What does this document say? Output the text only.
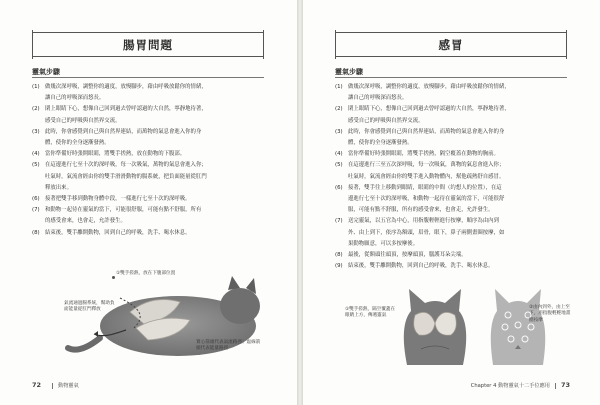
腸胃問題
靈氣步驟
(1) 做幾次深呼吸，調整你的適度，放慢腳步，藉由呼吸放鬆你的情緒，
讓自己的呼吸深而悠長。
(2) 閉上眼睛下心，想像自己回到過去曾呼認過的大自然，寧靜地待著，
感受自己的呼吸與自然界交流。
(3) 此時，你會感覺到自己與自然界連結，而萬物的氣息會進入你的身
體，使你的全身逐漸發熱。
(4) 當你準備好時張開眼睛，將雙手搓熱，放在動物的下腹部。
(5) 在這邊進行七至十次的深呼吸，每一次吸氣，萬物的氣息會進入你；
吐氣時，氣流會經由你的雙手滑滑動物的腸系統，把負面能量從肛門
釋放出來。
(6) 接著把雙手移到動物身體中段，一樣進行七至十次的深呼吸。
(7) 和動物一起待在靈氣的當下，可能很舒服，可能有點不舒服，所有
的感受會來，也會走，允許發生。
(8) 結束後，雙手離開動物，回到自己的呼吸，洗手、喝水休息。
①雙手搓熱，放在下腹部位置
氣流通過腸系統，幫助負面能量從肛門釋放
實心箭頭代表氣流路徑；虛線箭頭代表能量路徑
72	動物靈氣
感冒
靈氣步驟
(1) 做幾次深呼吸，調整你的適度，放慢腳步，藉由呼吸放鬆你的情緒，
讓自己的呼吸深而悠長。
(2) 閉上眼睛下心，想像自己回到過去曾呼認過的大自然，寧靜地待著，
感受自己的呼吸與自然界交流。
(3) 此時，你會感覺到自己與自然界連結，而萬物的氣息會進入你的身
體，使你的全身逐漸發熱。
(4) 當你準備好時張開眼睛，將雙手搓熱，隔空覆蓋在動物的胸前。
(5) 在這邊進行三至五次深呼吸，每一次吸氣，萬物的氣息會進入你；
吐氣時，氣流會經由你的雙手進入動物體內，幫他疏熱舒自感冒。
(6) 接著，雙手往上移動到眼睛，眼睛的中間（約想人的位置），在這
邊進行七至十次的深呼吸，和動物一起待在靈氣的當下，可能很舒
服，可能有點不舒服，所有的感受會來，也會走，允許發生。
(7) 送完靈氣，以五官為中心，用指腹輕輕進行按摩，順序為由內到
外、由上到下，依序為額頭，眉骨，眼下，鼻子兩側畫圈按摩，如
果動物願意，可以多按摩後。
(8) 最後，從額頭往頭頂，按摩頭頂，腦護耳朵尖端。
(9) 結束後，雙手離開動物，回到自己的呼吸，洗手、喝水休息。
①雙手搓熱，隔空覆蓋在眼睛上方，傳遞靈氣
②由內到外，由上至下，用指腹輕輕地畫圈按摩
Chapter 4 動物靈氣十二手位應用 73
